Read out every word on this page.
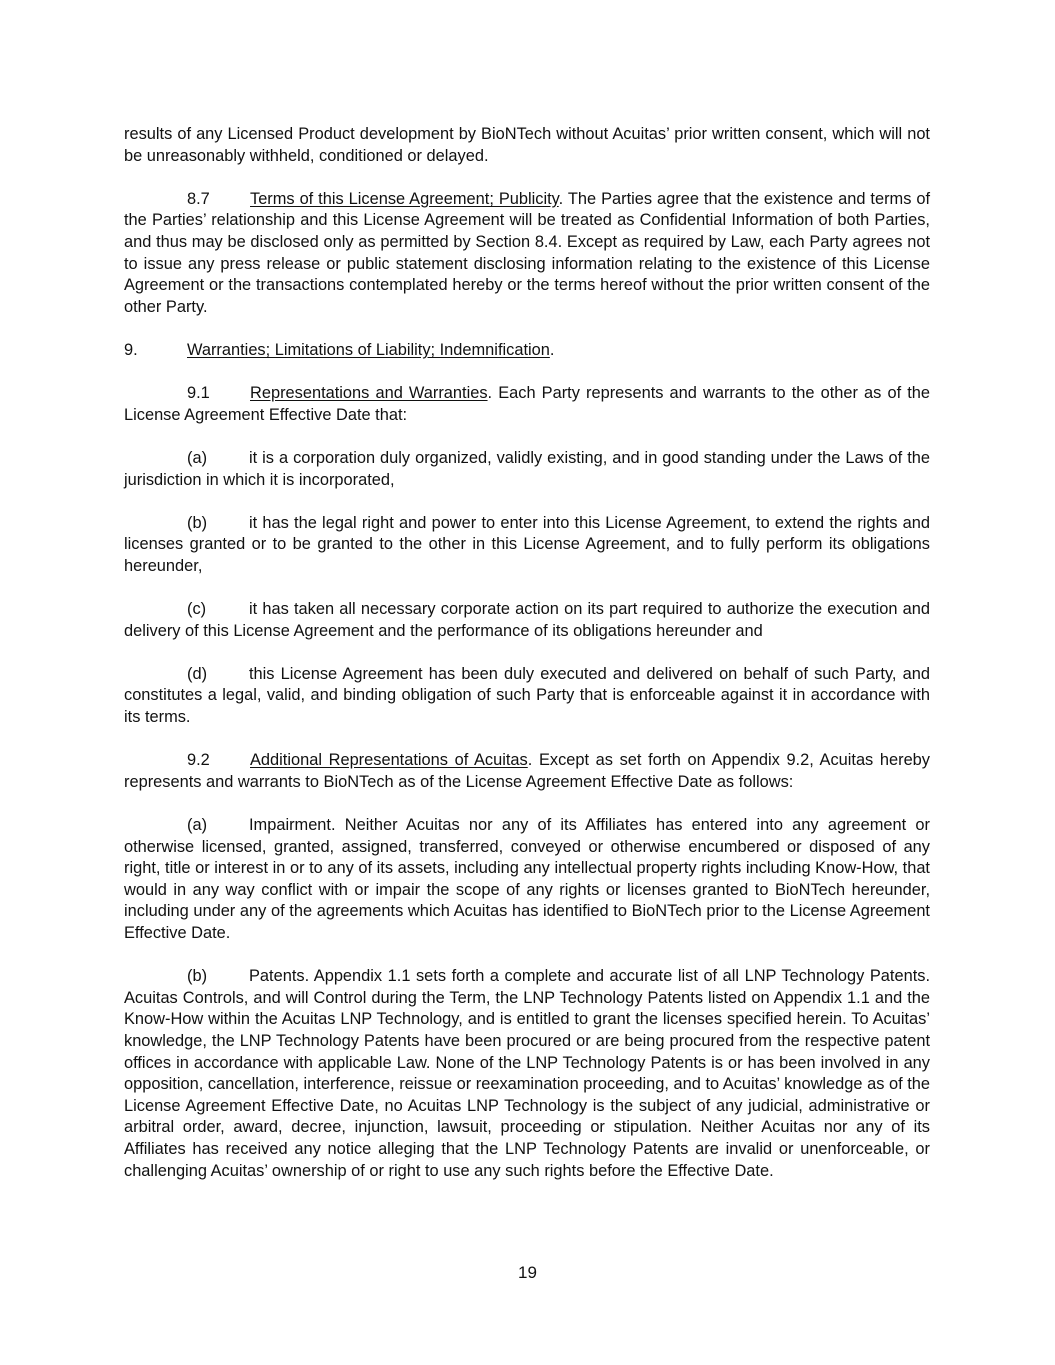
results of any Licensed Product development by BioNTech without Acuitas’ prior written consent, which will not be unreasonably withheld, conditioned or delayed.

8.7 Terms of this License Agreement; Publicity. The Parties agree that the existence and terms of the Parties’ relationship and this License Agreement will be treated as Confidential Information of both Parties, and thus may be disclosed only as permitted by Section 8.4. Except as required by Law, each Party agrees not to issue any press release or public statement disclosing information relating to the existence of this License Agreement or the transactions contemplated hereby or the terms hereof without the prior written consent of the other Party.

9.	Warranties; Limitations of Liability; Indemnification.

9.1 Representations and Warranties. Each Party represents and warrants to the other as of the License Agreement Effective Date that:

(a)	it is a corporation duly organized, validly existing, and in good standing under the Laws of the jurisdiction in which it is incorporated,

(b)	it has the legal right and power to enter into this License Agreement, to extend the rights and licenses granted or to be granted to the other in this License Agreement, and to fully perform its obligations hereunder,

(c)	it has taken all necessary corporate action on its part required to authorize the execution and delivery of this License Agreement and the performance of its obligations hereunder and

(d)	this License Agreement has been duly executed and delivered on behalf of such Party, and constitutes a legal, valid, and binding obligation of such Party that is enforceable against it in accordance with its terms.

9.2 Additional Representations of Acuitas. Except as set forth on Appendix 9.2, Acuitas hereby represents and warrants to BioNTech as of the License Agreement Effective Date as follows:

(a)	Impairment. Neither Acuitas nor any of its Affiliates has entered into any agreement or otherwise licensed, granted, assigned, transferred, conveyed or otherwise encumbered or disposed of any right, title or interest in or to any of its assets, including any intellectual property rights including Know-How, that would in any way conflict with or impair the scope of any rights or licenses granted to BioNTech hereunder, including under any of the agreements which Acuitas has identified to BioNTech prior to the License Agreement Effective Date.

(b)	Patents. Appendix 1.1 sets forth a complete and accurate list of all LNP Technology Patents. Acuitas Controls, and will Control during the Term, the LNP Technology Patents listed on Appendix 1.1 and the Know-How within the Acuitas LNP Technology, and is entitled to grant the licenses specified herein. To Acuitas’ knowledge, the LNP Technology Patents have been procured or are being procured from the respective patent offices in accordance with applicable Law. None of the LNP Technology Patents is or has been involved in any opposition, cancellation, interference, reissue or reexamination proceeding, and to Acuitas’ knowledge as of the License Agreement Effective Date, no Acuitas LNP Technology is the subject of any judicial, administrative or arbitral order, award, decree, injunction, lawsuit, proceeding or stipulation. Neither Acuitas nor any of its Affiliates has received any notice alleging that the LNP Technology Patents are invalid or unenforceable, or challenging Acuitas’ ownership of or right to use any such rights before the Effective Date.

19
